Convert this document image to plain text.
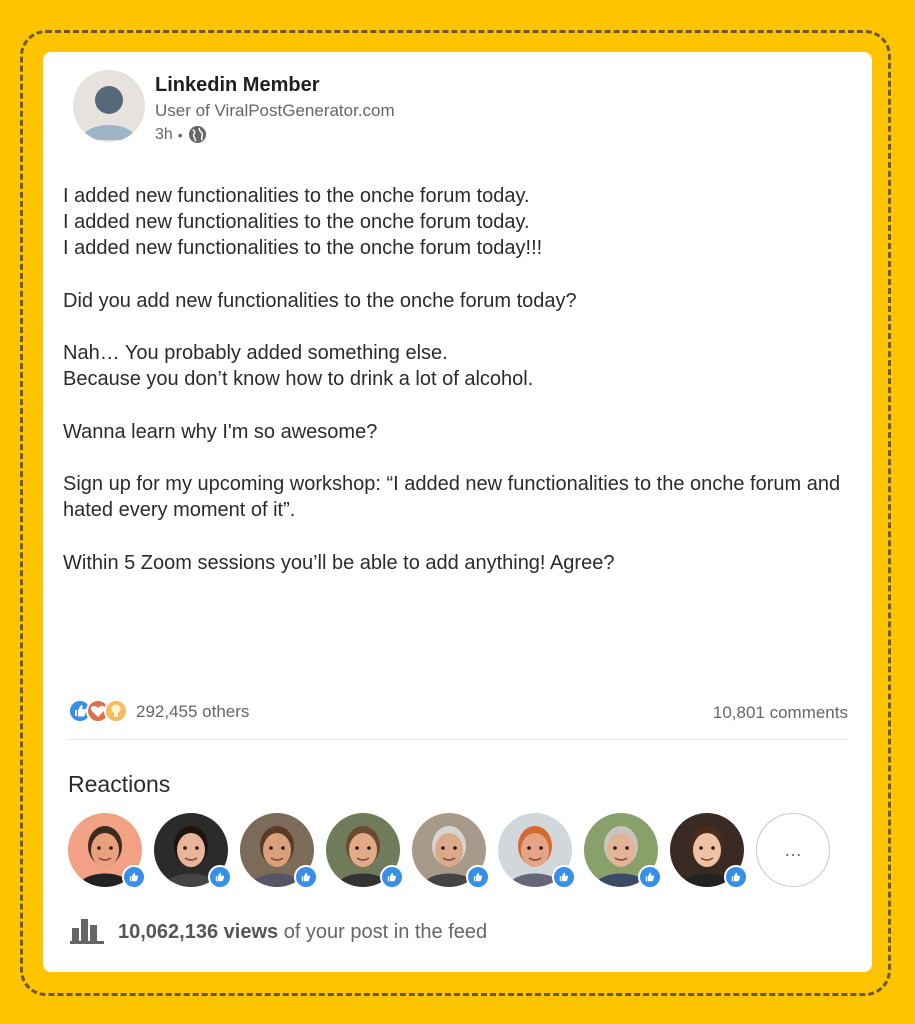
Linkedin Member
User of ViralPostGenerator.com
3h •

I added new functionalities to the onche forum today.
I added new functionalities to the onche forum today.
I added new functionalities to the onche forum today!!!

Did you add new functionalities to the onche forum today?

Nah… You probably added something else.
Because you don’t know how to drink a lot of alcohol.

Wanna learn why I'm so awesome?

Sign up for my upcoming workshop: “I added new functionalities to the onche forum and hated every moment of it”.

Within 5 Zoom sessions you’ll be able to add anything! Agree?

292,455 others	10,801 comments
Reactions
…
10,062,136 views of your post in the feed
